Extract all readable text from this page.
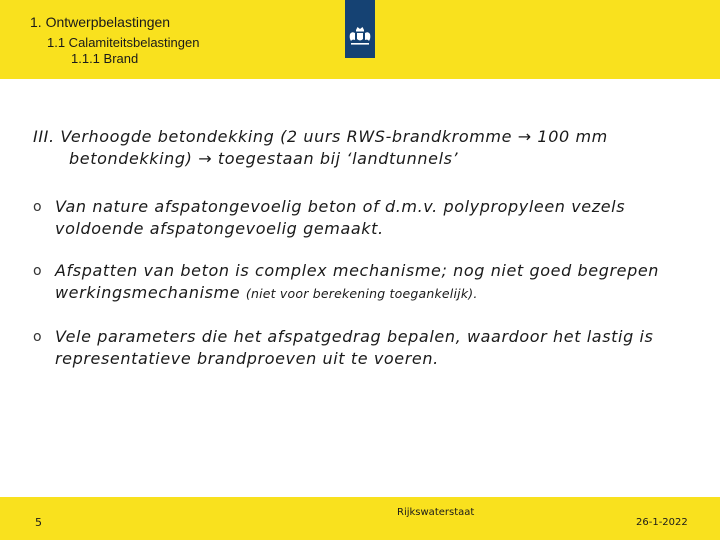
1. Ontwerpbelastingen
1.1 Calamiteitsbelastingen
1.1.1 Brand

III. Verhoogde betondekking (2 uurs RWS-brandkromme → 100 mm betondekking) → toegestaan bij ‘landtunnels’

o Van nature afspatongevoelig beton of d.m.v. polypropyleen vezels voldoende afspatongevoelig gemaakt.

o Afspatten van beton is complex mechanisme; nog niet goed begrepen werkingsmechanisme (niet voor berekening toegankelijk).

o Vele parameters die het afspatgedrag bepalen, waardoor het lastig is representatieve brandproeven uit te voeren.

5
Rijkswaterstaat
26-1-2022
